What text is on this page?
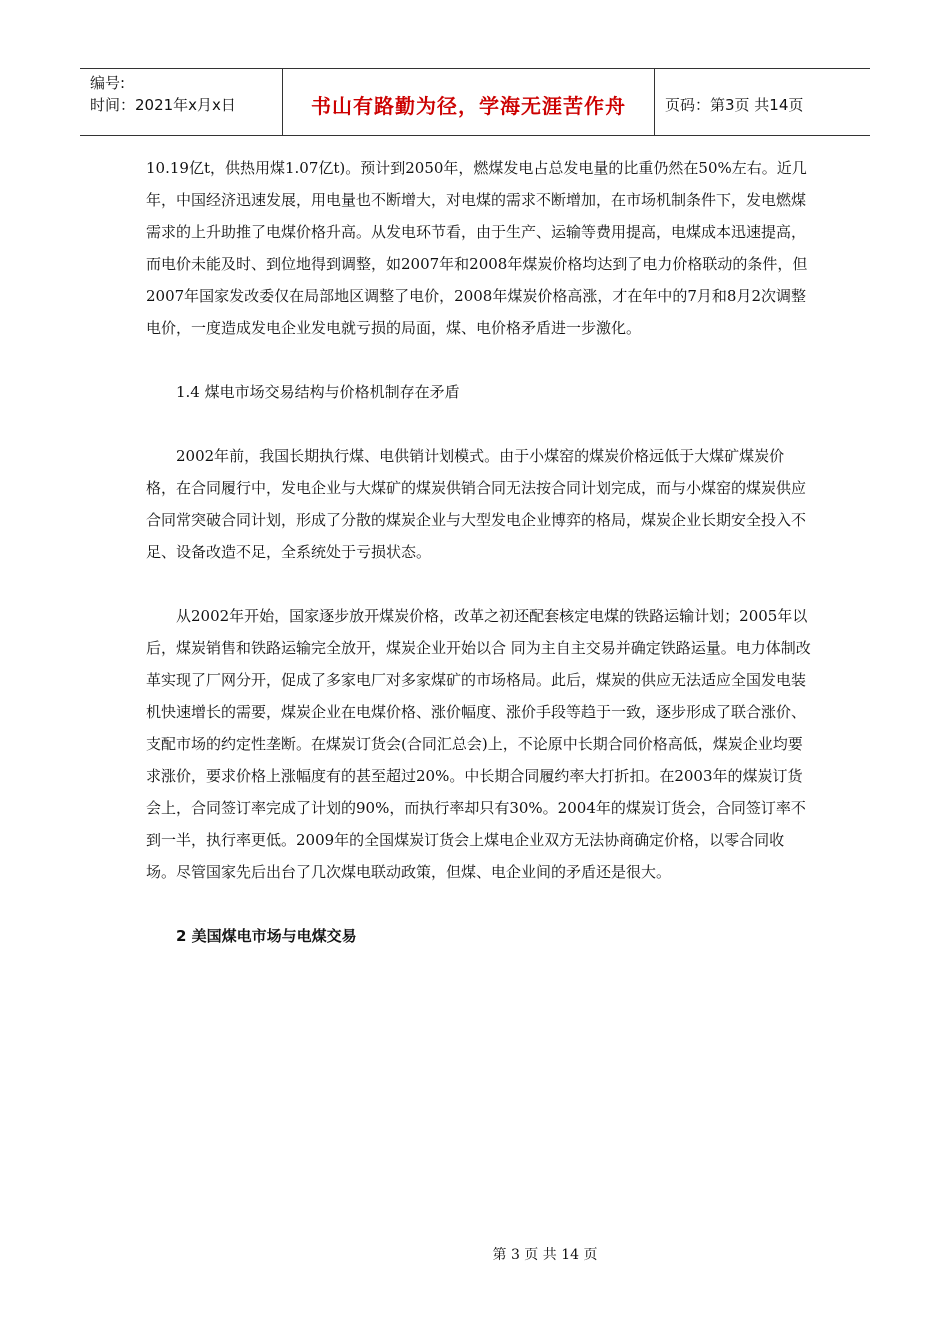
编号:
时间：2021年x月x日	书山有路勤为径，学海无涯苦作舟	页码：第3页 共14页

10.19亿t，供热用煤1.07亿t)。预计到2050年，燃煤发电占总发电量的比重仍然在50%左右。近几年，中国经济迅速发展，用电量也不断增大，对电煤的需求不断增加，在市场机制条件下，发电燃煤需求的上升助推了电煤价格升高。从发电环节看，由于生产、运输等费用提高，电煤成本迅速提高，而电价未能及时、到位地得到调整，如2007年和2008年煤炭价格均达到了电力价格联动的条件，但2007年国家发改委仅在局部地区调整了电价，2008年煤炭价格高涨，才在年中的7月和8月2次调整电价，一度造成发电企业发电就亏损的局面，煤、电价格矛盾进一步激化。

1.4 煤电市场交易结构与价格机制存在矛盾

2002年前，我国长期执行煤、电供销计划模式。由于小煤窑的煤炭价格远低于大煤矿煤炭价格，在合同履行中，发电企业与大煤矿的煤炭供销合同无法按合同计划完成，而与小煤窑的煤炭供应合同常突破合同计划，形成了分散的煤炭企业与大型发电企业博弈的格局，煤炭企业长期安全投入不足、设备改造不足，全系统处于亏损状态。

从2002年开始，国家逐步放开煤炭价格，改革之初还配套核定电煤的铁路运输计划；2005年以后，煤炭销售和铁路运输完全放开，煤炭企业开始以合 同为主自主交易并确定铁路运量。电力体制改革实现了厂网分开，促成了多家电厂对多家煤矿的市场格局。此后，煤炭的供应无法适应全国发电装机快速增长的需要，煤炭企业在电煤价格、涨价幅度、涨价手段等趋于一致，逐步形成了联合涨价、支配市场的约定性垄断。在煤炭订货会(合同汇总会)上，不论原中长期合同价格高低，煤炭企业均要求涨价，要求价格上涨幅度有的甚至超过20%。中长期合同履约率大打折扣。在2003年的煤炭订货会上，合同签订率完成了计划的90%，而执行率却只有30%。2004年的煤炭订货会，合同签订率不到一半，执行率更低。2009年的全国煤炭订货会上煤电企业双方无法协商确定价格，以零合同收场。尽管国家先后出台了几次煤电联动政策，但煤、电企业间的矛盾还是很大。

2 美国煤电市场与电煤交易

第 3 页 共 14 页
